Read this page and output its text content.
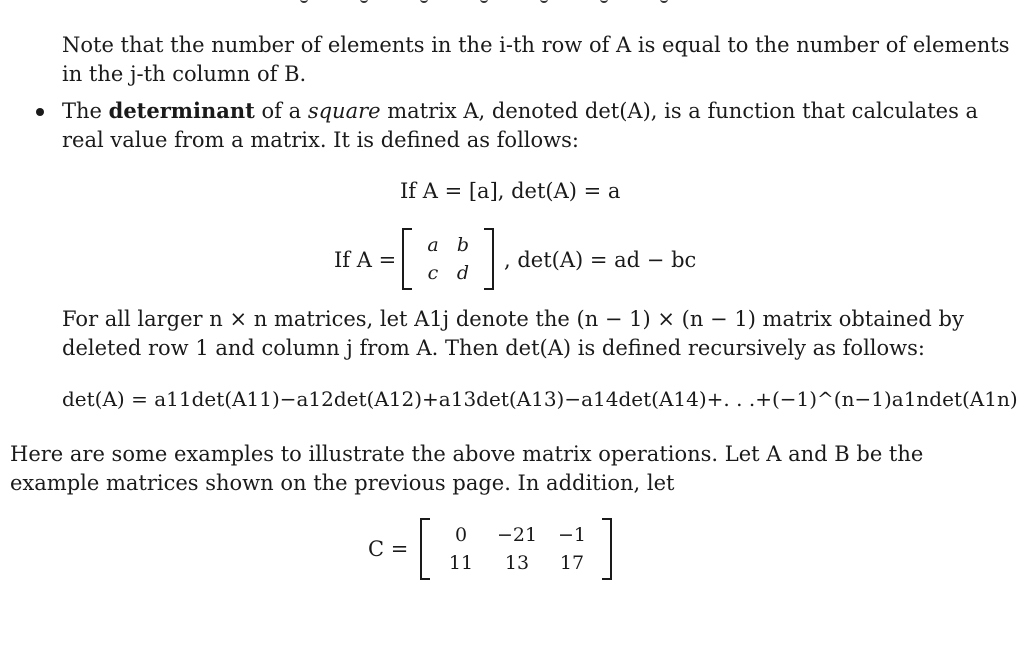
Note that the number of elements in the i-th row of A is equal to the number of elements
in the j-th column of B.
The determinant of a square matrix A, denoted det(A), is a function that calculates a
real value from a matrix. It is defined as follows:
If A = [a], det(A) = a
If A =
a b
c d
, det(A) = ad − bc
For all larger n × n matrices, let A1j denote the (n − 1) × (n − 1) matrix obtained by
deleted row 1 and column j from A. Then det(A) is defined recursively as follows:
det(A) = a11det(A11)−a12det(A12)+a13det(A13)−a14det(A14)+. . .+(−1)^(n−1)a1ndet(A1n)
Here are some examples to illustrate the above matrix operations. Let A and B be the
example matrices shown on the previous page. In addition, let
C =
0	−21	−1
11	13	17
